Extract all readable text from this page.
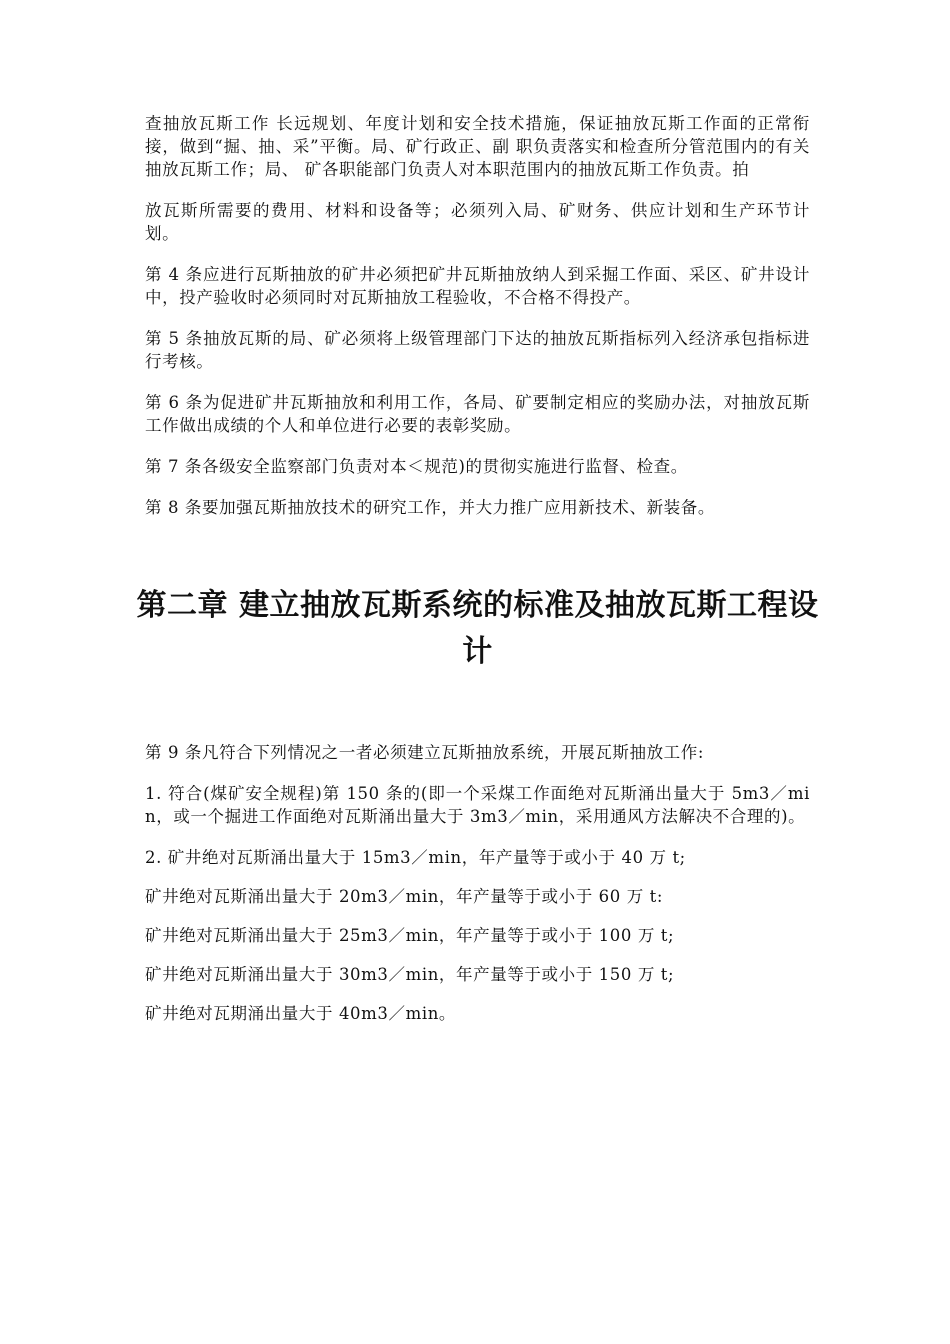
查抽放瓦斯工作 长远规划、年度计划和安全技术措施，保证抽放瓦斯工作面的正常衔接，做到“掘、抽、采”平衡。局、矿行政正、副 职负责落实和检查所分管范围内的有关抽放瓦斯工作；局、 矿各职能部门负责人对本职范围内的抽放瓦斯工作负责。拍

放瓦斯所需要的费用、材料和设备等；必须列入局、矿财务、供应计划和生产环节计划。

第 4 条应进行瓦斯抽放的矿井必须把矿井瓦斯抽放纳人到采掘工作面、采区、矿井设计中，投产验收时必须同时对瓦斯抽放工程验收，不合格不得投产。

第 5 条抽放瓦斯的局、矿必须将上级管理部门下达的抽放瓦斯指标列入经济承包指标进行考核。

第 6 条为促进矿井瓦斯抽放和利用工作，各局、矿要制定相应的奖励办法，对抽放瓦斯工作做出成绩的个人和单位进行必要的表彰奖励。

第 7 条各级安全监察部门负责对本＜规范)的贯彻实施进行监督、检查。

第 8 条要加强瓦斯抽放技术的研究工作，并大力推广应用新技术、新装备。

第二章 建立抽放瓦斯系统的标准及抽放瓦斯工程设计

第 9 条凡符合下列情况之一者必须建立瓦斯抽放系统，开展瓦斯抽放工作:

1. 符合(煤矿安全规程)第 150 条的(即一个采煤工作面绝对瓦斯涌出量大于 5m3／min，或一个掘进工作面绝对瓦斯涌出量大于 3m3／min，采用通风方法解决不合理的)。

2. 矿井绝对瓦斯涌出量大于 15m3／min，年产量等于或小于 40 万 t;

矿井绝对瓦斯涌出量大于 20m3／min，年产量等于或小于 60 万 t:

矿井绝对瓦斯涌出量大于 25m3／min，年产量等于或小于 100 万 t;

矿井绝对瓦斯涌出量大于 30m3／min，年产量等于或小于 150 万 t;

矿井绝对瓦期涌出量大于 40m3／min。
